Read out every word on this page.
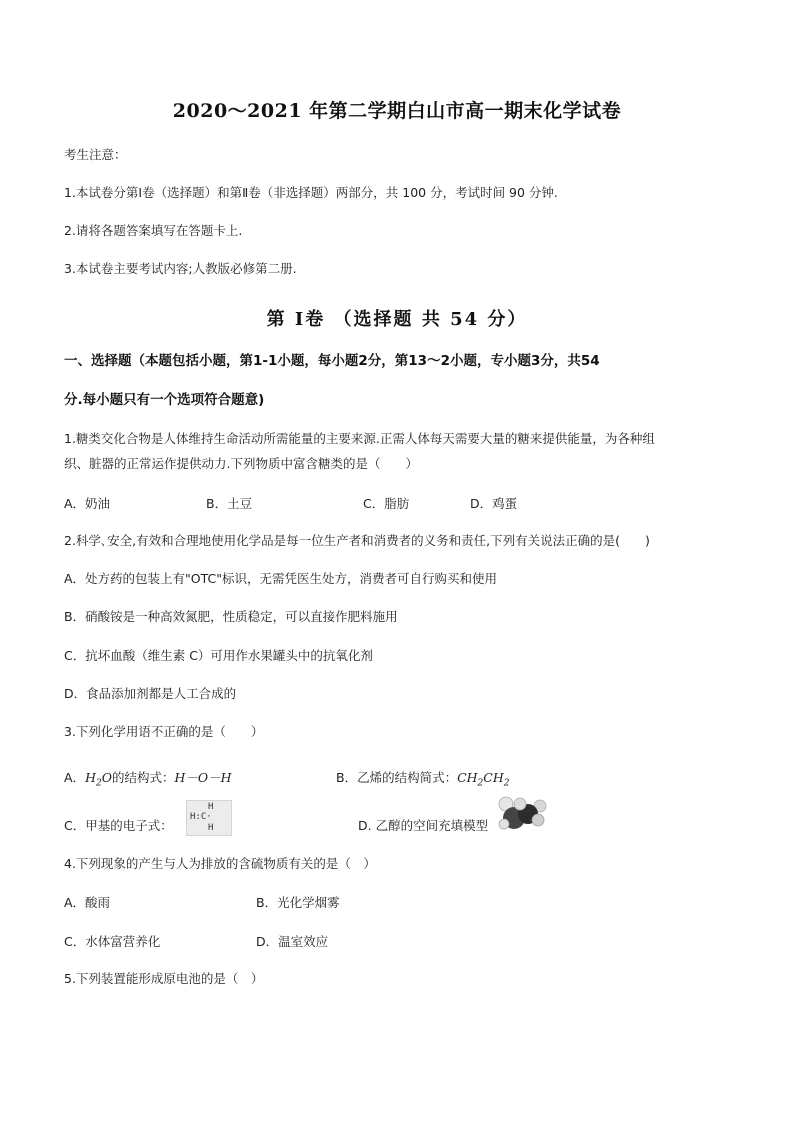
2020～2021 年第二学期白山市高一期末化学试卷
考生注意：
1.本试卷分第Ⅰ卷（选择题）和第Ⅱ卷（非选择题）两部分，共 100 分，考试时间 90 分钟.
2.请将各题答案填写在答题卡上.
3.本试卷主要考试内容;人教版必修第二册.
第 Ⅰ卷 （选择题 共 54 分）
一、选择题（本题包括小题，第1-1小题，每小题2分，第13～2小题，专小题3分，共54
分.每小题只有一个选项符合题意)
1.糖类交化合物是人体维持生命活动所需能量的主要来源.正需人体每天需要大量的糖来提供能量，为各种组
织、脏器的正常运作提供动力.下列物质中富含糖类的是（　　）
A．奶油	B．土豆	C．脂肪	D．鸡蛋
2.科学､安全,有效和合理地使用化学品是每一位生产者和消费者的义务和责任,下列有关说法正确的是(　　)
A．处方药的包装上有"OTC"标识，无需凭医生处方，消费者可自行购买和使用
B．硝酸铵是一种高效氮肥，性质稳定，可以直接作肥料施用
C．抗坏血酸（维生素 C）可用作水果罐头中的抗氧化剂
D．食品添加剂都是人工合成的
3.下列化学用语不正确的是（　　）
A．$H_2O$的结构式：H－O－H	B．乙烯的结构简式：$CH_2CH_2$
C．甲基的电子式：
H
H:C·
H	D. 乙醇的空间充填模型
4.下列现象的产生与人为排放的含硫物质有关的是（　）
A．酸雨	B．光化学烟雾
C．水体富营养化	D．温室效应
5.下列装置能形成原电池的是（　）
